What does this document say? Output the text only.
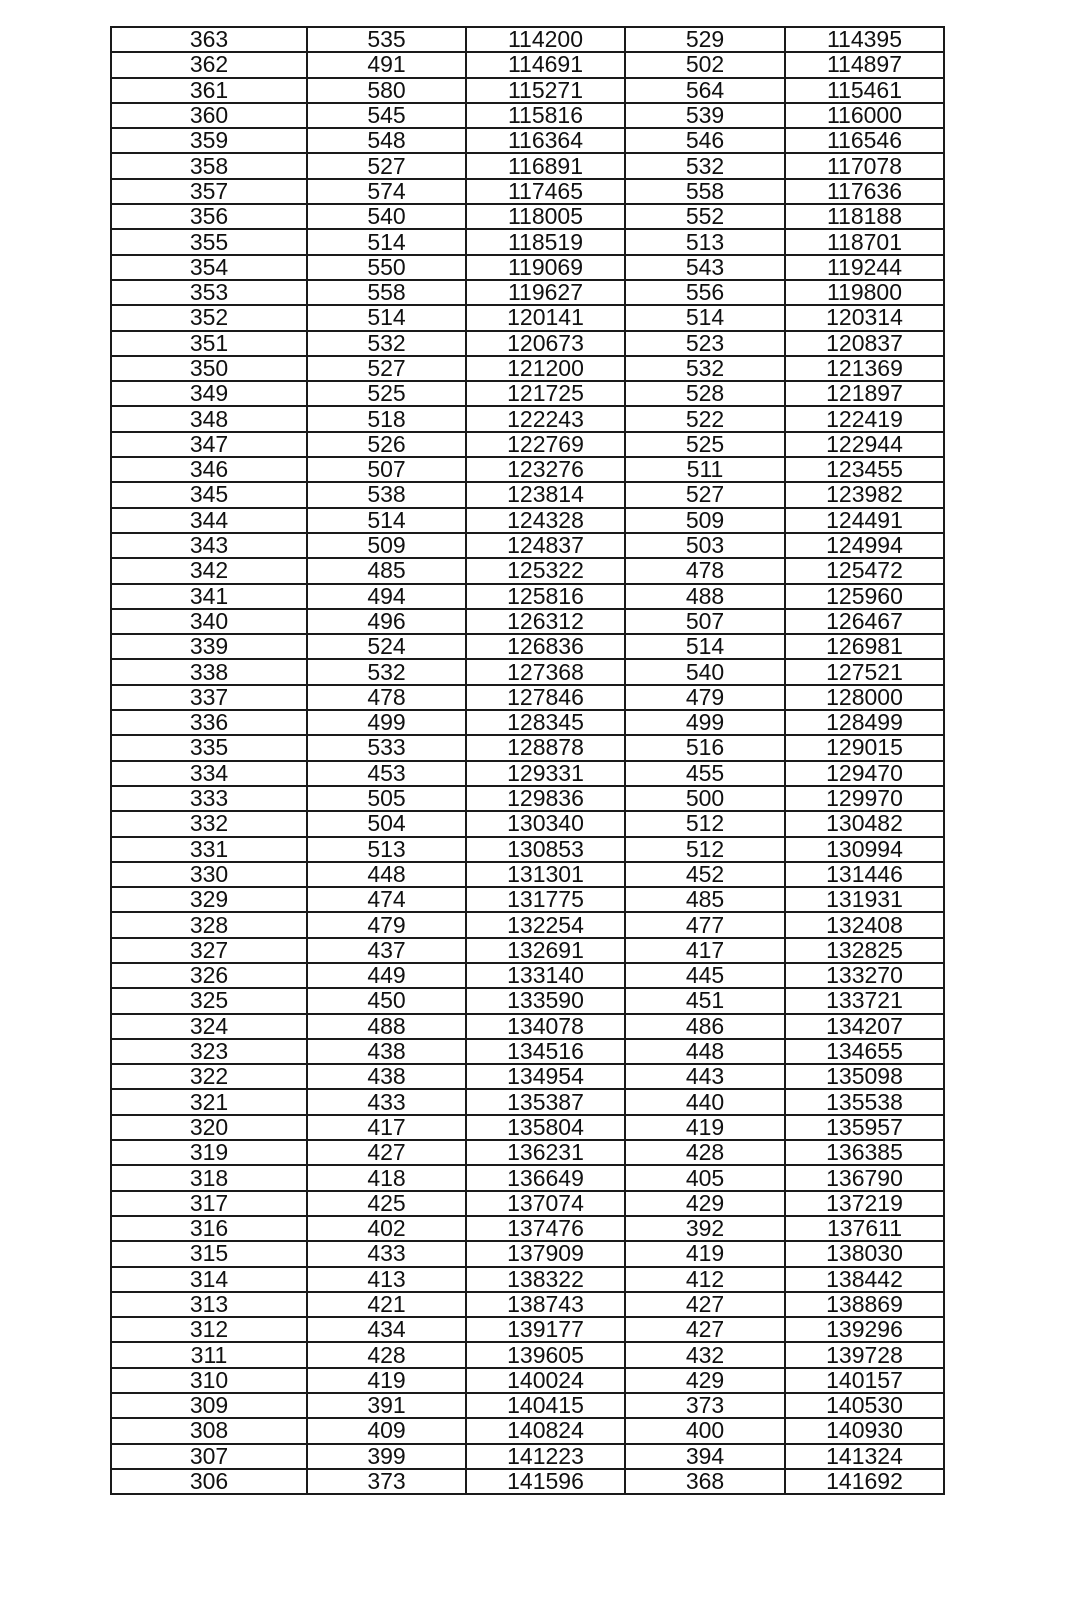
363	535	114200	529	114395
362	491	114691	502	114897
361	580	115271	564	115461
360	545	115816	539	116000
359	548	116364	546	116546
358	527	116891	532	117078
357	574	117465	558	117636
356	540	118005	552	118188
355	514	118519	513	118701
354	550	119069	543	119244
353	558	119627	556	119800
352	514	120141	514	120314
351	532	120673	523	120837
350	527	121200	532	121369
349	525	121725	528	121897
348	518	122243	522	122419
347	526	122769	525	122944
346	507	123276	511	123455
345	538	123814	527	123982
344	514	124328	509	124491
343	509	124837	503	124994
342	485	125322	478	125472
341	494	125816	488	125960
340	496	126312	507	126467
339	524	126836	514	126981
338	532	127368	540	127521
337	478	127846	479	128000
336	499	128345	499	128499
335	533	128878	516	129015
334	453	129331	455	129470
333	505	129836	500	129970
332	504	130340	512	130482
331	513	130853	512	130994
330	448	131301	452	131446
329	474	131775	485	131931
328	479	132254	477	132408
327	437	132691	417	132825
326	449	133140	445	133270
325	450	133590	451	133721
324	488	134078	486	134207
323	438	134516	448	134655
322	438	134954	443	135098
321	433	135387	440	135538
320	417	135804	419	135957
319	427	136231	428	136385
318	418	136649	405	136790
317	425	137074	429	137219
316	402	137476	392	137611
315	433	137909	419	138030
314	413	138322	412	138442
313	421	138743	427	138869
312	434	139177	427	139296
311	428	139605	432	139728
310	419	140024	429	140157
309	391	140415	373	140530
308	409	140824	400	140930
307	399	141223	394	141324
306	373	141596	368	141692
